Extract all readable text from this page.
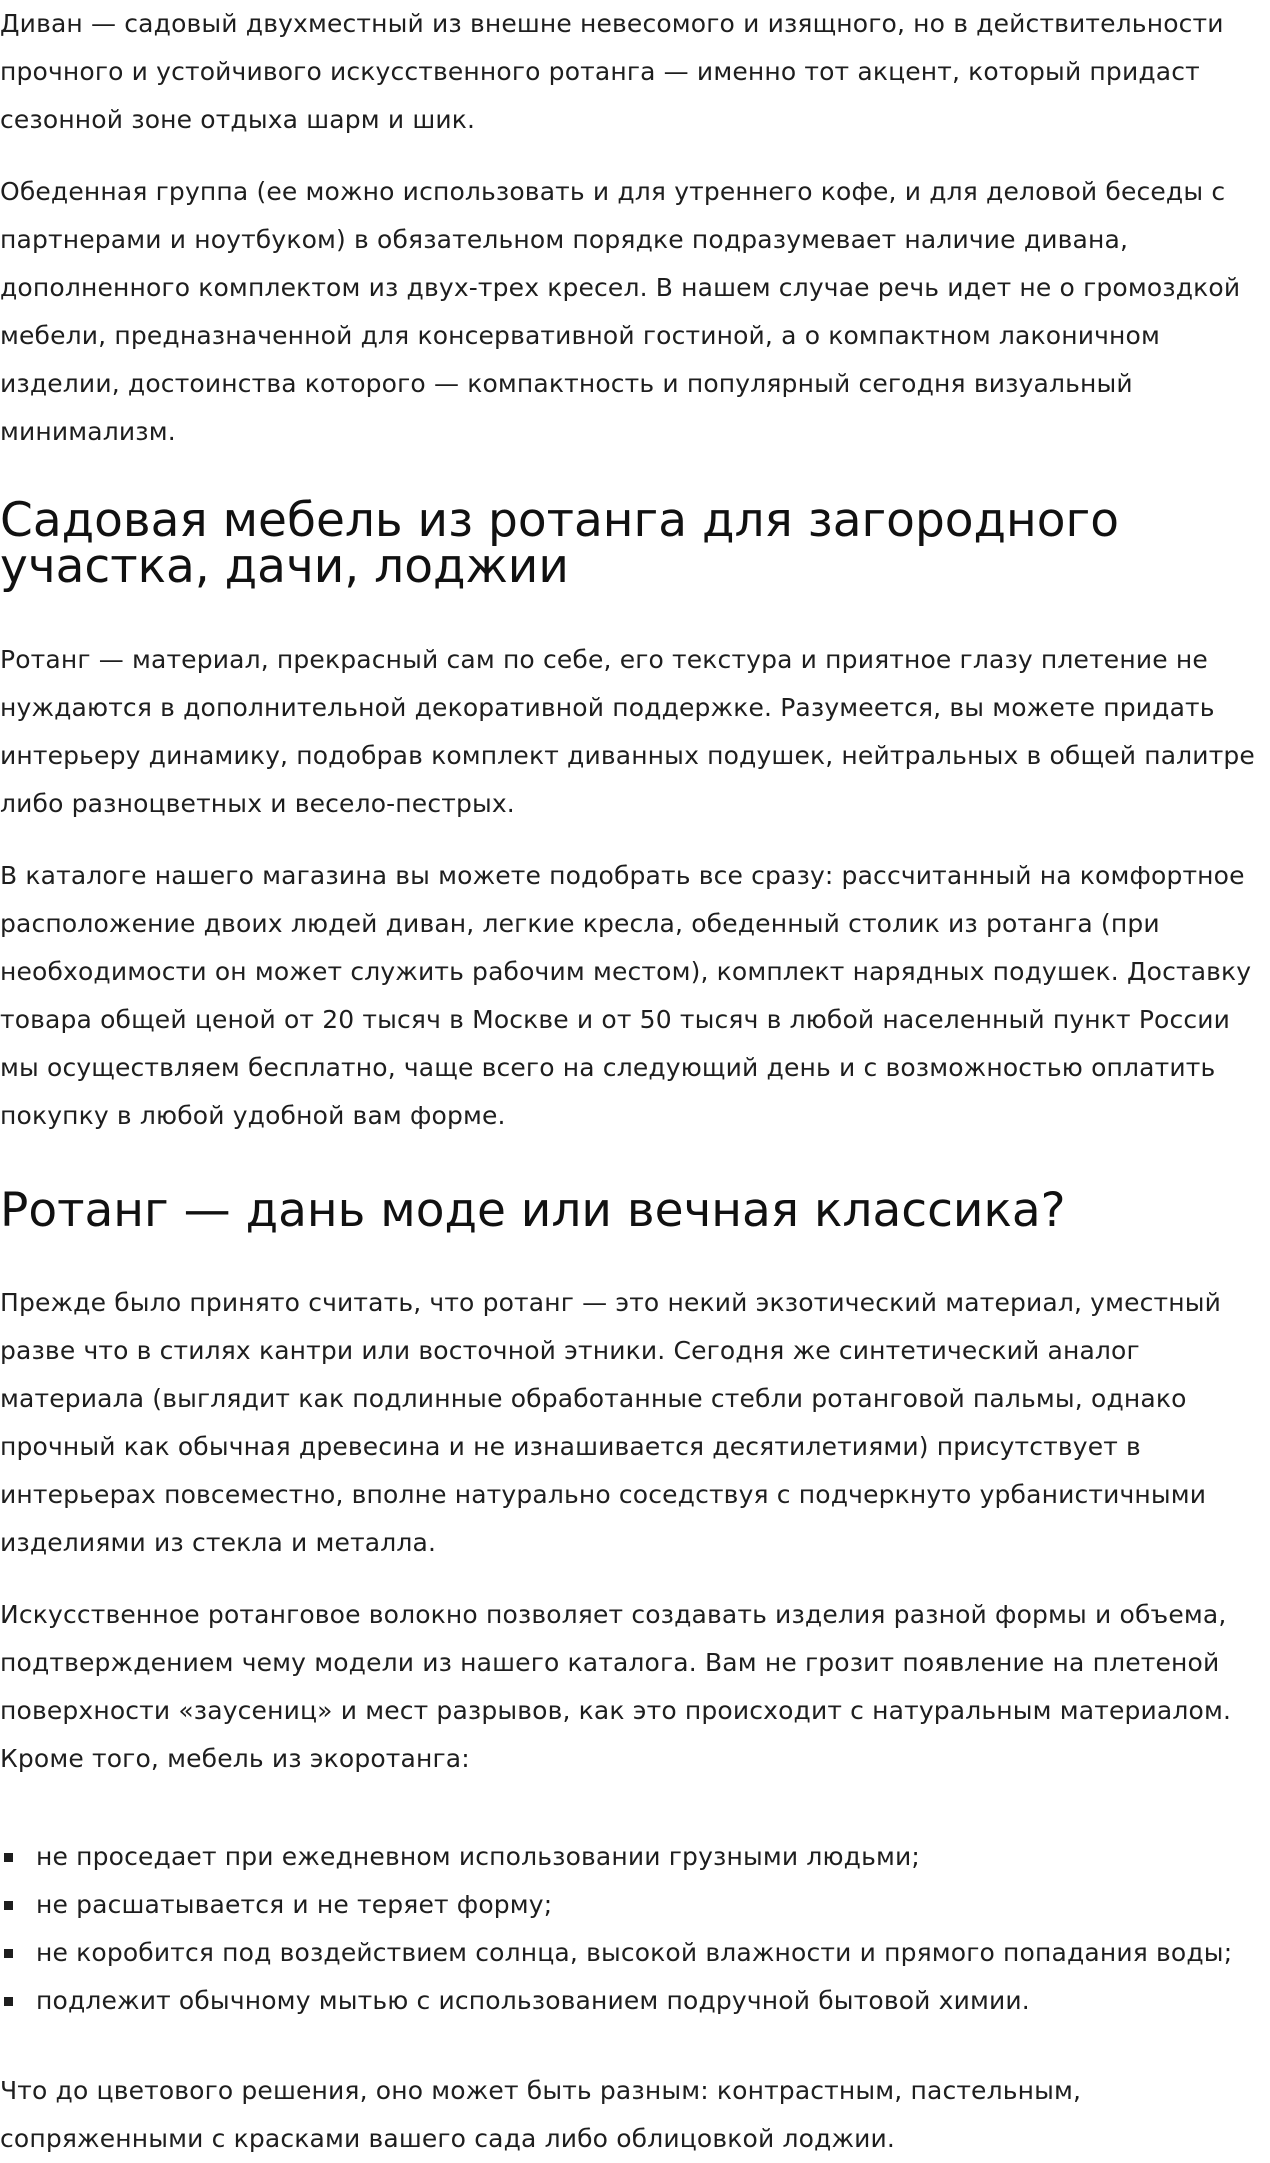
Диван — садовый двухместный из внешне невесомого и изящного, но в действительности прочного и устойчивого искусственного ротанга — именно тот акцент, который придаст сезонной зоне отдыха шарм и шик.

Обеденная группа (ее можно использовать и для утреннего кофе, и для деловой беседы с партнерами и ноутбуком) в обязательном порядке подразумевает наличие дивана, дополненного комплектом из двух-трех кресел. В нашем случае речь идет не о громоздкой мебели, предназначенной для консервативной гостиной, а о компактном лаконичном изделии, достоинства которого — компактность и популярный сегодня визуальный минимализм.

Садовая мебель из ротанга для загородного участка, дачи, лоджии

Ротанг — материал, прекрасный сам по себе, его текстура и приятное глазу плетение не нуждаются в дополнительной декоративной поддержке. Разумеется, вы можете придать интерьеру динамику, подобрав комплект диванных подушек, нейтральных в общей палитре либо разноцветных и весело-пестрых.

В каталоге нашего магазина вы можете подобрать все сразу: рассчитанный на комфортное расположение двоих людей диван, легкие кресла, обеденный столик из ротанга (при необходимости он может служить рабочим местом), комплект нарядных подушек. Доставку товара общей ценой от 20 тысяч в Москве и от 50 тысяч в любой населенный пункт России мы осуществляем бесплатно, чаще всего на следующий день и с возможностью оплатить покупку в любой удобной вам форме.

Ротанг — дань моде или вечная классика?

Прежде было принято считать, что ротанг — это некий экзотический материал, уместный разве что в стилях кантри или восточной этники. Сегодня же синтетический аналог материала (выглядит как подлинные обработанные стебли ротанговой пальмы, однако прочный как обычная древесина и не изнашивается десятилетиями) присутствует в интерьерах повсеместно, вполне натурально соседствуя с подчеркнуто урбанистичными изделиями из стекла и металла.

Искусственное ротанговое волокно позволяет создавать изделия разной формы и объема, подтверждением чему модели из нашего каталога. Вам не грозит появление на плетеной поверхности «заусениц» и мест разрывов, как это происходит с натуральным материалом. Кроме того, мебель из экоротанга:

не проседает при ежедневном использовании грузными людьми;
не расшатывается и не теряет форму;
не коробится под воздействием солнца, высокой влажности и прямого попадания воды;
подлежит обычному мытью с использованием подручной бытовой химии.

Что до цветового решения, оно может быть разным: контрастным, пастельным, сопряженными с красками вашего сада либо облицовкой лоджии.
